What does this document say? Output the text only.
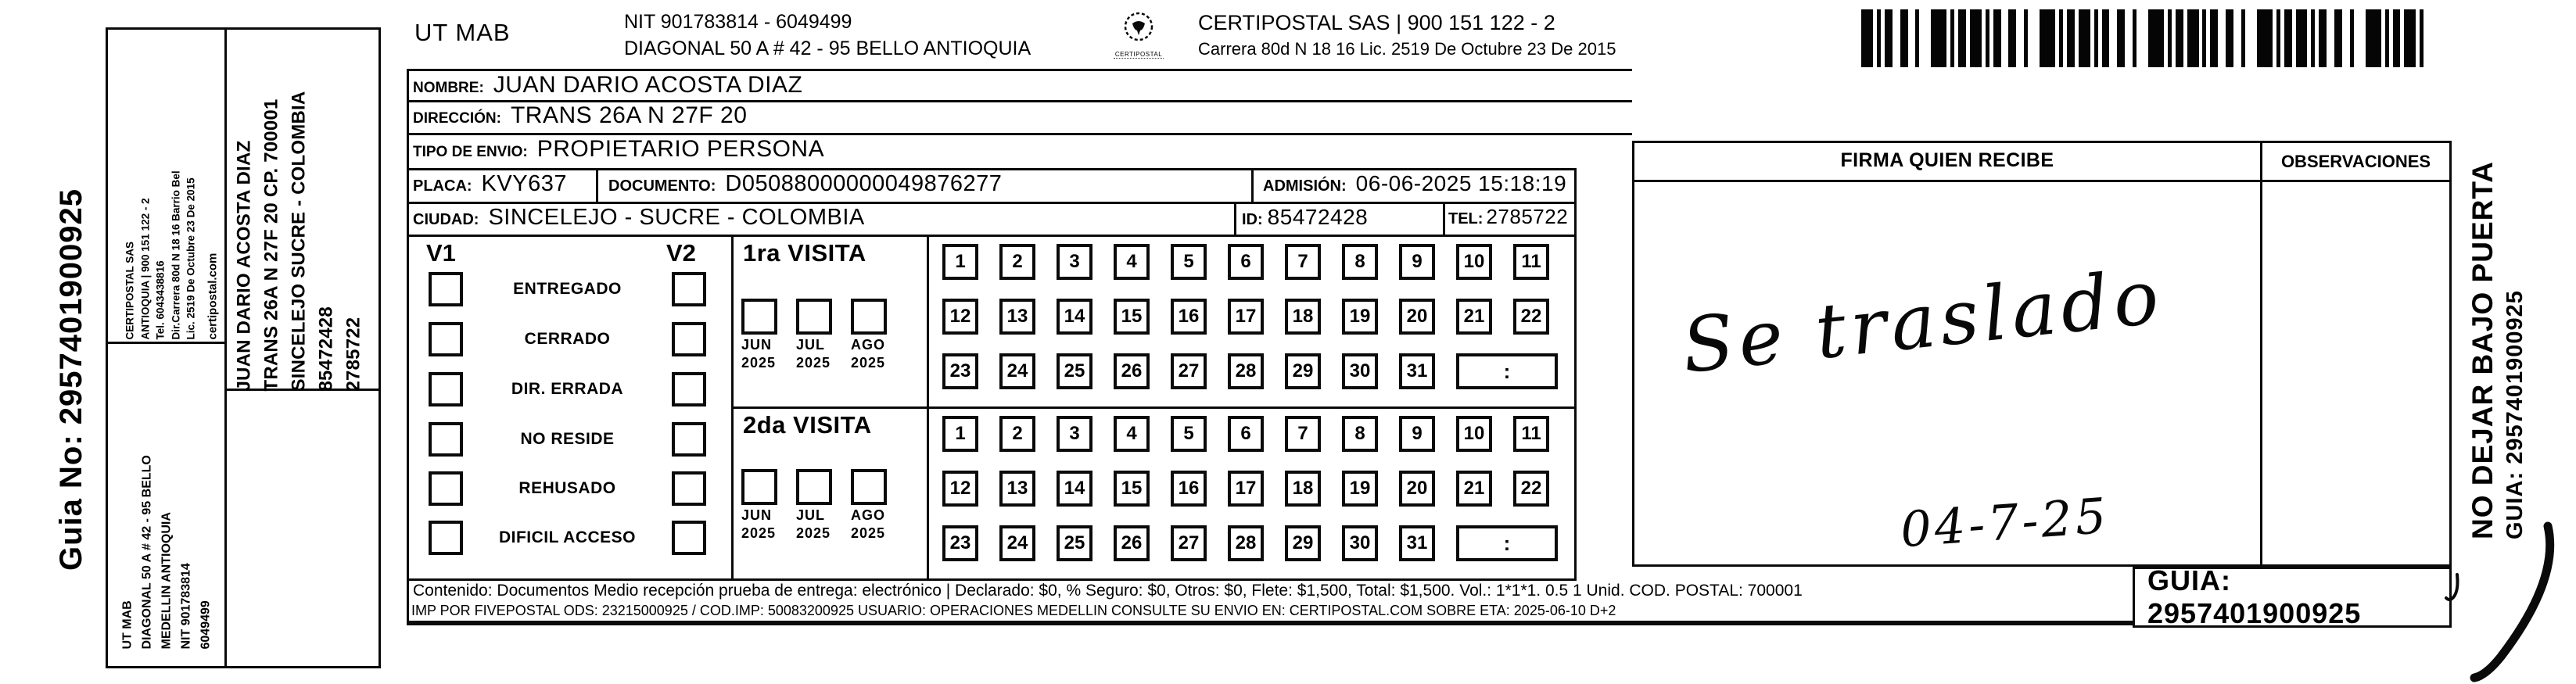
Guia No: 2957401900925	CERTIPOSTAL SAS ANTIOQUIA | 900 151 122 - 2 Tel. 6043438816 Dir.Carrera 80d N 18 16 Barrio Bel Lic. 2519 De Octubre 23 De 2015 certipostal.com
UT MAB DIAGONAL 50 A # 42 - 95 BELLO MEDELLIN ANTIOQUIA NIT 901783814 6049499
JUAN DARIO ACOSTA DIAZ TRANS 26A N 27F 20 CP. 700001 SINCELEJO SUCRE - COLOMBIA 85472428 2785722
UT MAB	NIT 901783814 - 6049499
DIAGONAL 50 A # 42 - 95 BELLO ANTIOQUIA	CERTIPOSTAL
CERTIPOSTAL SAS | 900 151 122 - 2
Carrera 80d N 18 16 Lic. 2519 De Octubre 23 De 2015
NOMBRE: JUAN DARIO ACOSTA DIAZ
DIRECCIÓN: TRANS 26A N 27F 20
TIPO DE ENVIO: PROPIETARIO PERSONA
PLACA: KVY637	DOCUMENTO: D05088000000049876277	ADMISIÓN: 06-06-2025 15:18:19
CIUDAD: SINCELEJO - SUCRE - COLOMBIA	ID: 85472428	TEL: 2785722
V1	V2
ENTREGADO
CERRADO
DIR. ERRADA
NO RESIDE
REHUSADO
DIFICIL ACCESO
1ra VISITA
JUN
2025
JUL
2025
AGO
2025
2da VISITA
JUN
2025
JUL
2025
AGO
2025
1	2	3	4	5	6	7	8	9	10	11
12	13	14	15	16	17	18	19	20	21	22
23	24	25	26	27	28	29	30	31	:
1	2	3	4	5	6	7	8	9	10	11
12	13	14	15	16	17	18	19	20	21	22
23	24	25	26	27	28	29	30	31	:
FIRMA QUIEN RECIBE	OBSERVACIONES
Se traslado
04-7-25
Contenido: Documentos Medio recepción prueba de entrega: electrónico | Declarado: $0, % Seguro: $0, Otros: $0, Flete: $1,500, Total: $1,500. Vol.: 1*1*1. 0.5 1 Unid. COD. POSTAL: 700001
IMP POR FIVEPOSTAL ODS: 23215000925 / COD.IMP: 50083200925 USUARIO: OPERACIONES MEDELLIN CONSULTE SU ENVIO EN: CERTIPOSTAL.COM SOBRE ETA: 2025-06-10 D+2
GUIA: 2957401900925
NO DEJAR BAJO PUERTA GUIA: 2957401900925
